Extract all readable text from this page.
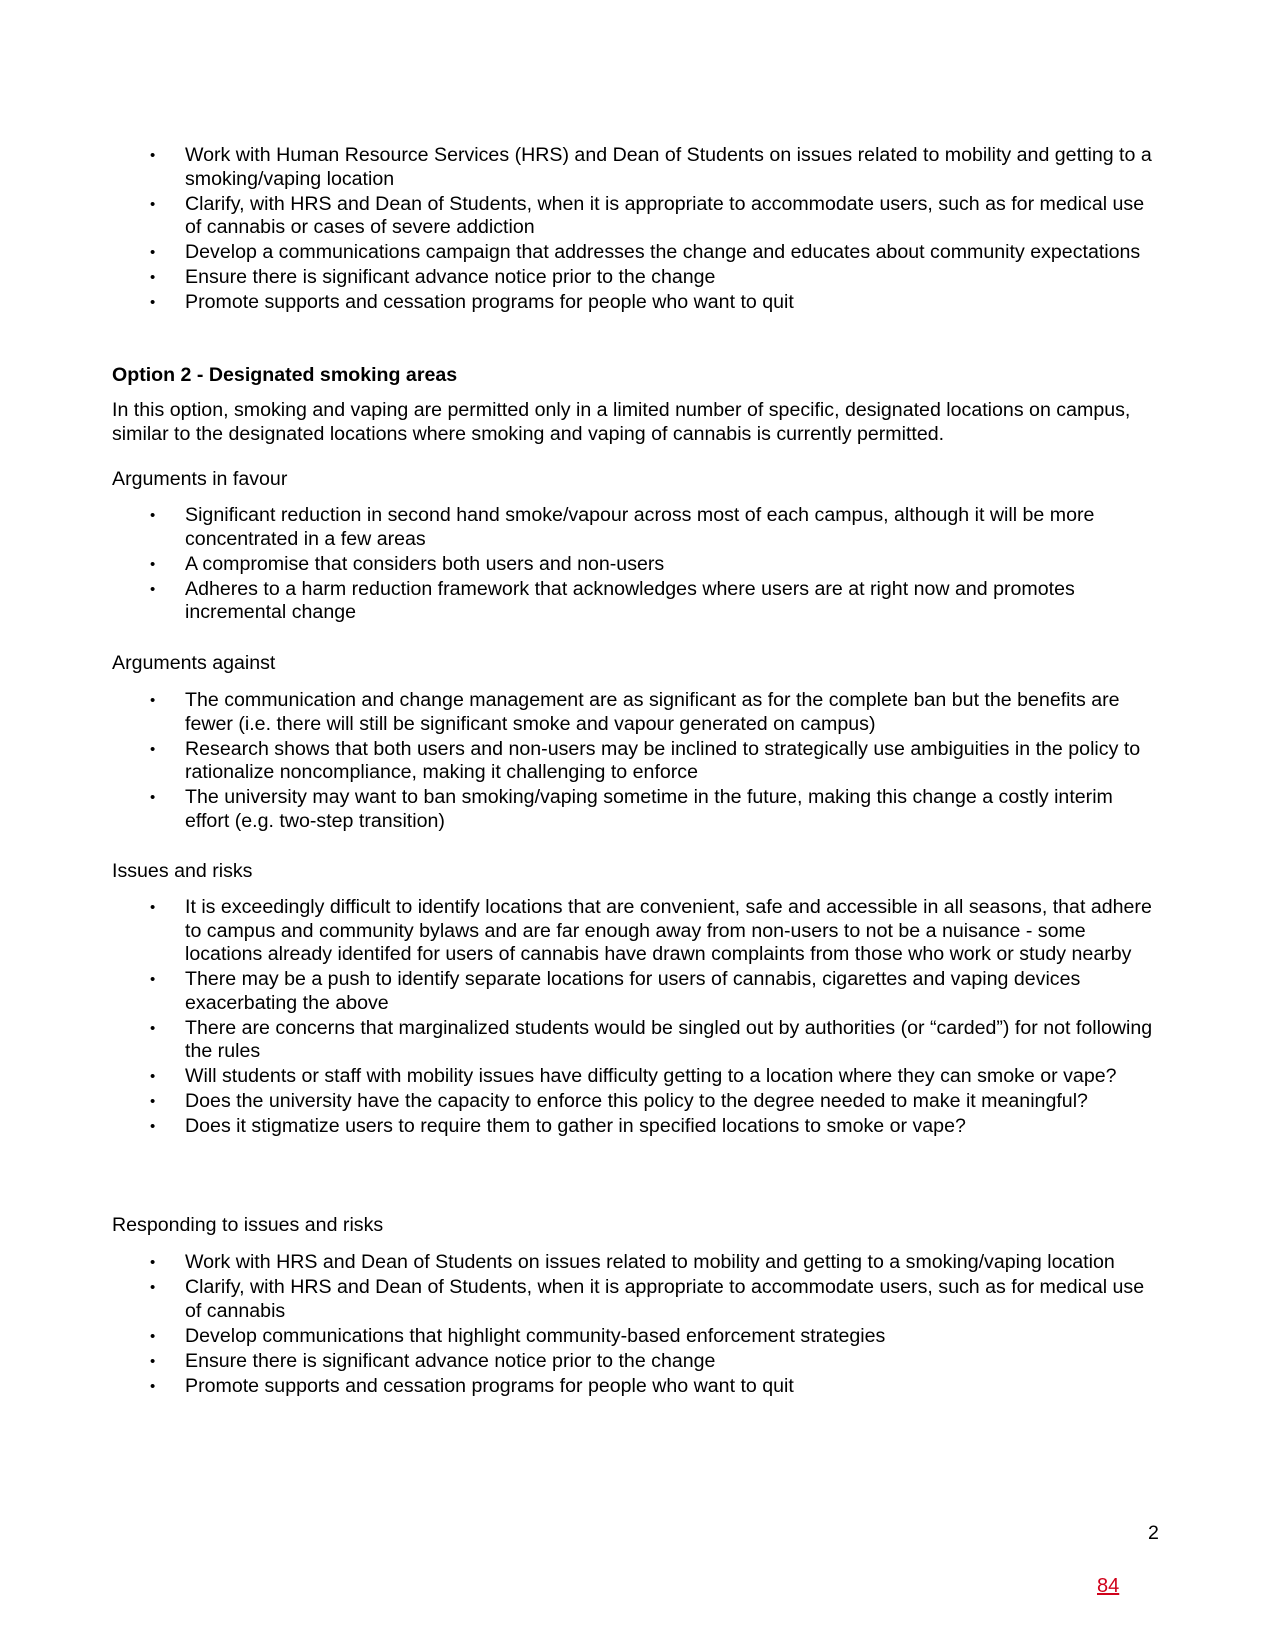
• Work with Human Resource Services (HRS) and Dean of Students on issues related to mobility and getting to a smoking/vaping location
• Clarify, with HRS and Dean of Students, when it is appropriate to accommodate users, such as for medical use of cannabis or cases of severe addiction
• Develop a communications campaign that addresses the change and educates about community expectations
• Ensure there is significant advance notice prior to the change
• Promote supports and cessation programs for people who want to quit

Option 2 - Designated smoking areas

In this option, smoking and vaping are permitted only in a limited number of specific, designated locations on campus, similar to the designated locations where smoking and vaping of cannabis is currently permitted.

Arguments in favour

• Significant reduction in second hand smoke/vapour across most of each campus, although it will be more concentrated in a few areas
• A compromise that considers both users and non-users
• Adheres to a harm reduction framework that acknowledges where users are at right now and promotes incremental change

Arguments against

• The communication and change management are as significant as for the complete ban but the benefits are fewer (i.e. there will still be significant smoke and vapour generated on campus)
• Research shows that both users and non-users may be inclined to strategically use ambiguities in the policy to rationalize noncompliance, making it challenging to enforce
• The university may want to ban smoking/vaping sometime in the future, making this change a costly interim effort (e.g. two-step transition)

Issues and risks

• It is exceedingly difficult to identify locations that are convenient, safe and accessible in all seasons, that adhere to campus and community bylaws and are far enough away from non-users to not be a nuisance - some locations already identifed for users of cannabis have drawn complaints from those who work or study nearby
• There may be a push to identify separate locations for users of cannabis, cigarettes and vaping devices exacerbating the above
• There are concerns that marginalized students would be singled out by authorities (or “carded”) for not following the rules
• Will students or staff with mobility issues have difficulty getting to a location where they can smoke or vape?
• Does the university have the capacity to enforce this policy to the degree needed to make it meaningful?
• Does it stigmatize users to require them to gather in specified locations to smoke or vape?

Responding to issues and risks

• Work with HRS and Dean of Students on issues related to mobility and getting to a smoking/vaping location
• Clarify, with HRS and Dean of Students, when it is appropriate to accommodate users, such as for medical use of cannabis
• Develop communications that highlight community-based enforcement strategies
• Ensure there is significant advance notice prior to the change
• Promote supports and cessation programs for people who want to quit

2

84
